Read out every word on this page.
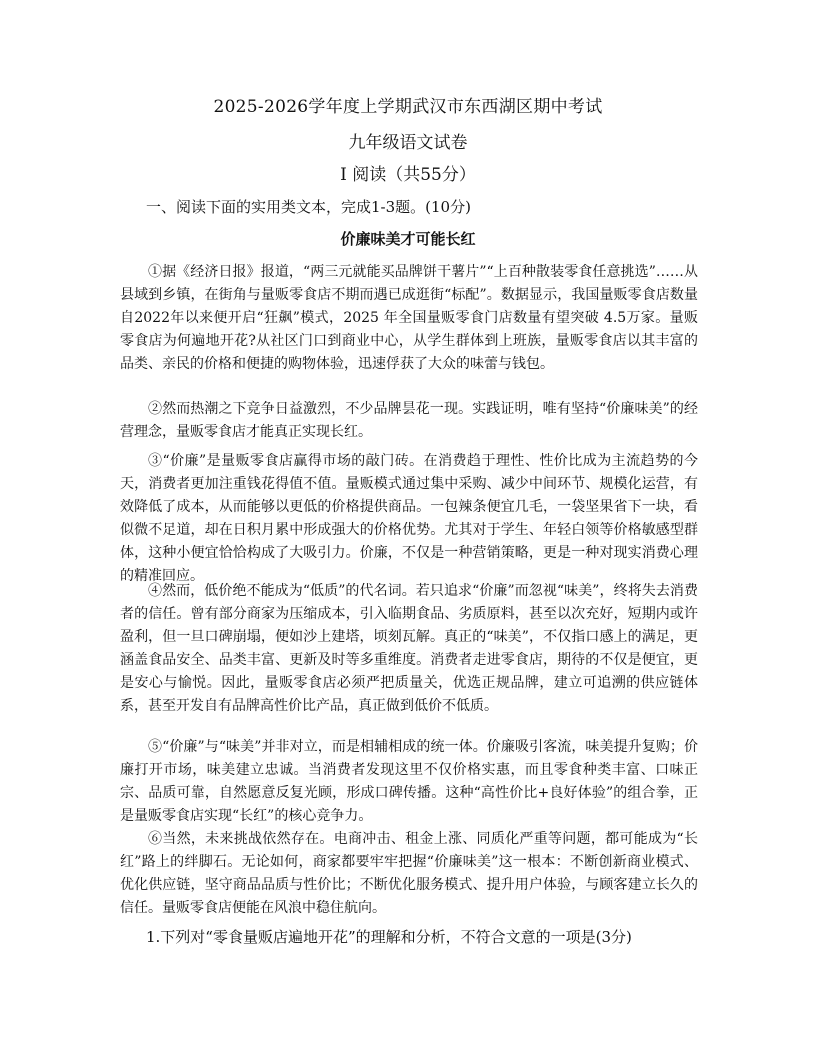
2025-2026学年度上学期武汉市东西湖区期中考试
九年级语文试卷
I 阅读（共55分）
一、阅读下面的实用类文本，完成1-3题。(10分)
价廉味美才可能长红

①据《经济日报》报道，“两三元就能买品牌饼干薯片”“上百种散装零食任意挑选”……从县域到乡镇，在街角与量贩零食店不期而遇已成逛街“标配”。数据显示，我国量贩零食店数量自2022年以来便开启“狂飙”模式，2025 年全国量贩零食门店数量有望突破 4.5万家。量贩零食店为何遍地开花?从社区门口到商业中心，从学生群体到上班族，量贩零食店以其丰富的品类、亲民的价格和便捷的购物体验，迅速俘获了大众的味蕾与钱包。

②然而热潮之下竞争日益激烈，不少品牌昙花一现。实践证明，唯有坚持“价廉味美”的经营理念，量贩零食店才能真正实现长红。

③“价廉”是量贩零食店赢得市场的敲门砖。在消费趋于理性、性价比成为主流趋势的今天，消费者更加注重钱花得值不值。量贩模式通过集中采购、减少中间环节、规模化运营，有效降低了成本，从而能够以更低的价格提供商品。一包辣条便宜几毛，一袋坚果省下一块，看似微不足道，却在日积月累中形成强大的价格优势。尤其对于学生、年轻白领等价格敏感型群体，这种小便宜恰恰构成了大吸引力。价廉，不仅是一种营销策略，更是一种对现实消费心理的精准回应。

④然而，低价绝不能成为“低质”的代名词。若只追求“价廉”而忽视“味美”，终将失去消费者的信任。曾有部分商家为压缩成本，引入临期食品、劣质原料，甚至以次充好，短期内或许盈利，但一旦口碑崩塌，便如沙上建塔，顷刻瓦解。真正的“味美”，不仅指口感上的满足，更涵盖食品安全、品类丰富、更新及时等多重维度。消费者走进零食店，期待的不仅是便宜，更是安心与愉悦。因此，量贩零食店必须严把质量关，优选正规品牌，建立可追溯的供应链体系，甚至开发自有品牌高性价比产品，真正做到低价不低质。

⑤“价廉”与“味美”并非对立，而是相辅相成的统一体。价廉吸引客流，味美提升复购；价廉打开市场，味美建立忠诚。当消费者发现这里不仅价格实惠，而且零食种类丰富、口味正宗、品质可靠，自然愿意反复光顾，形成口碑传播。这种“高性价比+良好体验”的组合拳，正是量贩零食店实现“长红”的核心竞争力。

⑥当然，未来挑战依然存在。电商冲击、租金上涨、同质化严重等问题，都可能成为“长红”路上的绊脚石。无论如何，商家都要牢牢把握“价廉味美”这一根本：不断创新商业模式、优化供应链，坚守商品品质与性价比；不断优化服务模式、提升用户体验，与顾客建立长久的信任。量贩零食店便能在风浪中稳住航向。

1.下列对“零食量贩店遍地开花”的理解和分析，不符合文意的一项是(3分)
